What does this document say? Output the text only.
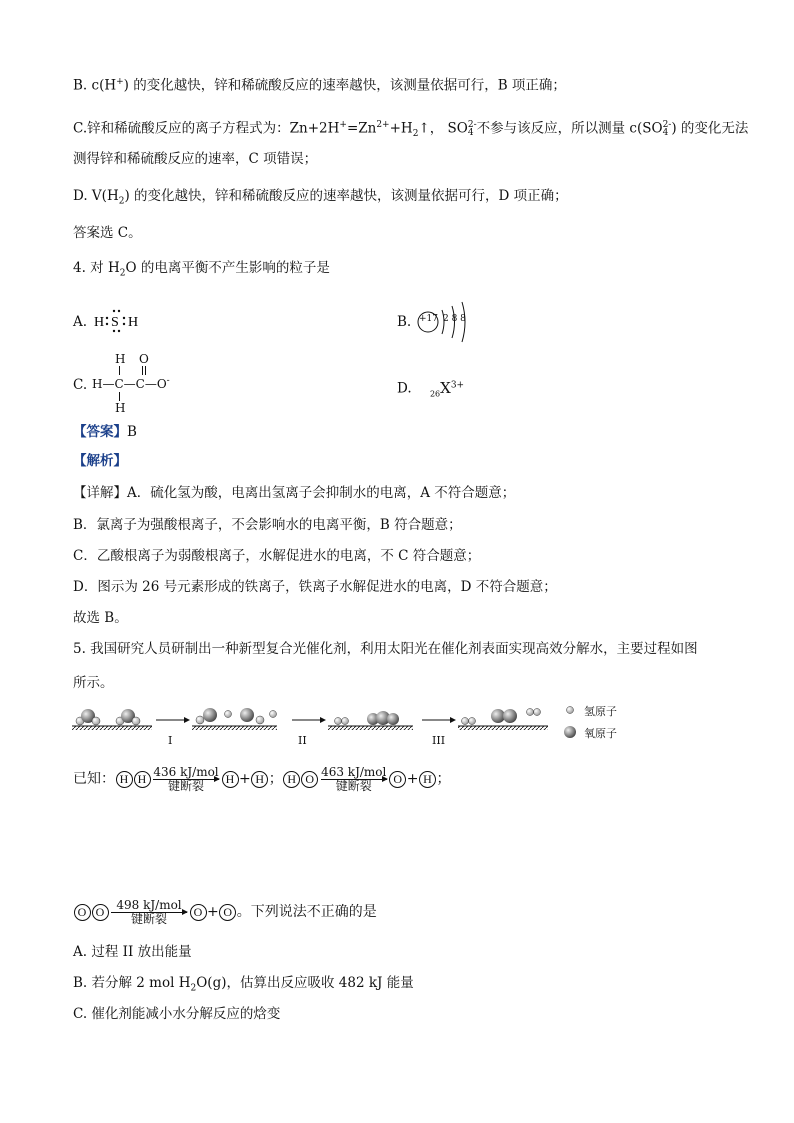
B. c(H+) 的变化越快，锌和稀硫酸反应的速率越快，该测量依据可行，B 项正确；
C.锌和稀硫酸反应的离子方程式为：$Zn+2H^+=Zn^{2+}+H_2↑$， SO2-
4 不参与该反应，所以测量 c(SO2-
4 ) 的变化无法
测得锌和稀硫酸反应的速率，C 项错误；
D. $V(H_2)$ 的变化越快，锌和稀硫酸反应的速率越快，该测量依据可行，D 项正确；
答案选 C。
4. 对 $H_2O$ 的电离平衡不产生影响的粒子是
A. H S H	B. +17 2 8 8
C.
H O
H—C—C—O-
H
D. $_{26}X^{3+}$
【答案】B
【解析】
【详解】A．硫化氢为酸，电离出氢离子会抑制水的电离，A 不符合题意；
B．氯离子为强酸根离子，不会影响水的电离平衡，B 符合题意；
C．乙酸根离子为弱酸根离子，水解促进水的电离，不 C 符合题意；
D．图示为 26 号元素形成的铁离子，铁离子水解促进水的电离，D 不符合题意；
故选 B。
5. 我国研究人员研制出一种新型复合光催化剂，利用太阳光在催化剂表面实现高效分解水，主要过程如图
所示。
I	II	III
氢原子
氧原子
已知： H H 436 kJ/mol
键断裂	H + H ； H O 463 kJ/mol
键断裂	O + H ；
O O	498 kJ/mol
键断裂	O + O 。下列说法不正确的是
A. 过程 II 放出能量
B. 若分解 2 mol $H_2O(g)$，估算出反应吸收 482 kJ 能量
C. 催化剂能减小水分解反应的焓变
